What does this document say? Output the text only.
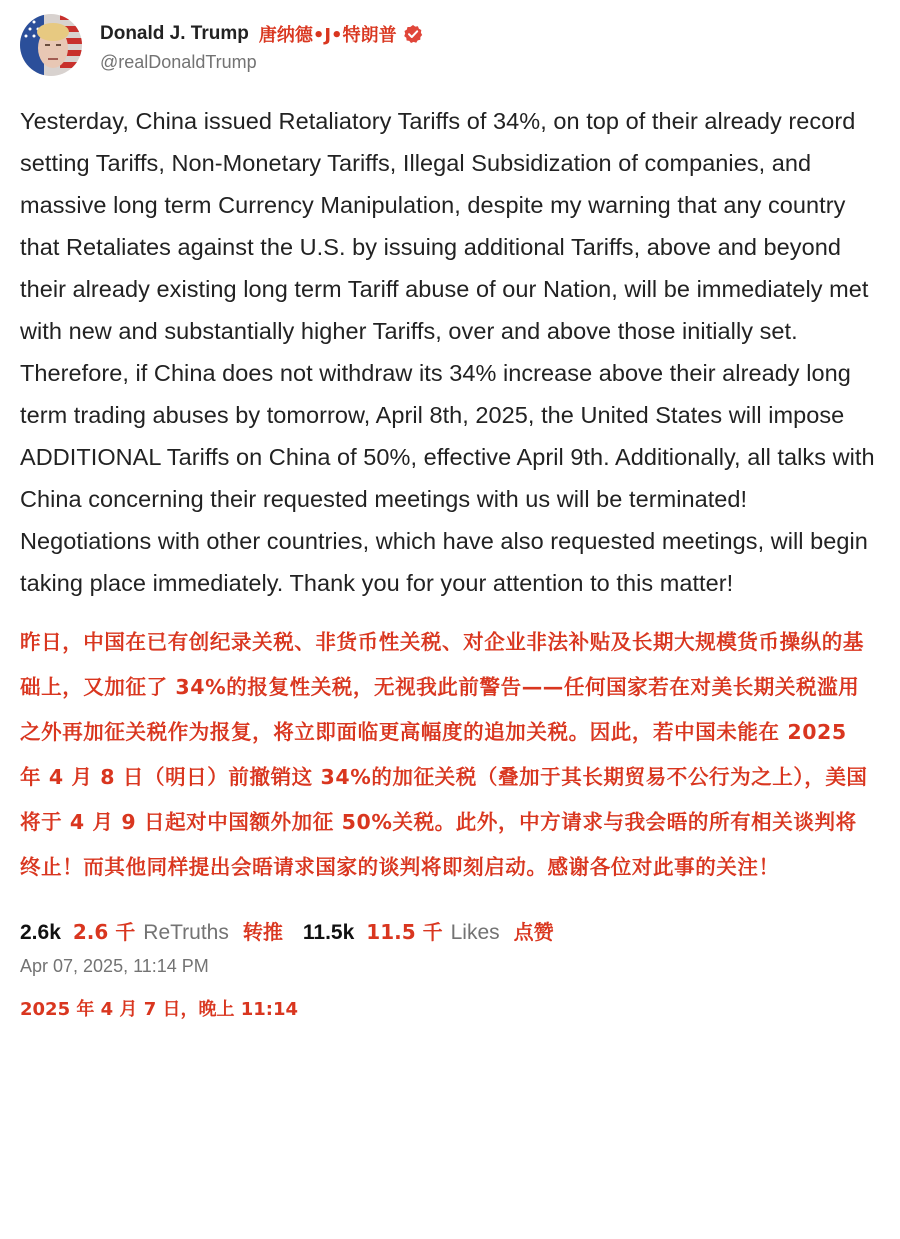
Donald J. Trump 唐纳德•J•特朗普
@realDonaldTrump
Yesterday, China issued Retaliatory Tariffs of 34%, on top of their already record setting Tariffs, Non-Monetary Tariffs, Illegal Subsidization of companies, and massive long term Currency Manipulation, despite my warning that any country that Retaliates against the U.S. by issuing additional Tariffs, above and beyond their already existing long term Tariff abuse of our Nation, will be immediately met with new and substantially higher Tariffs, over and above those initially set. Therefore, if China does not withdraw its 34% increase above their already long term trading abuses by tomorrow, April 8th, 2025, the United States will impose ADDITIONAL Tariffs on China of 50%, effective April 9th. Additionally, all talks with China concerning their requested meetings with us will be terminated! Negotiations with other countries, which have also requested meetings, will begin taking place immediately. Thank you for your attention to this matter!
昨日，中国在已有创纪录关税、非货币性关税、对企业非法补贴及长期大规模货币操纵的基础上，又加征了 34%的报复性关税，无视我此前警告——任何国家若在对美长期关税滥用之外再加征关税作为报复，将立即面临更高幅度的追加关税。因此，若中国未能在 2025 年 4 月 8 日（明日）前撤销这 34%的加征关税（叠加于其长期贸易不公行为之上），美国将于 4 月 9 日起对中国额外加征 50%关税。此外，中方请求与我会晤的所有相关谈判将终止！而其他同样提出会晤请求国家的谈判将即刻启动。感谢各位对此事的关注！
2.6k 2.6 千 ReTruths 转推 11.5k 11.5 千 Likes 点赞
Apr 07, 2025, 11:14 PM
2025 年 4 月 7 日，晚上 11:14
